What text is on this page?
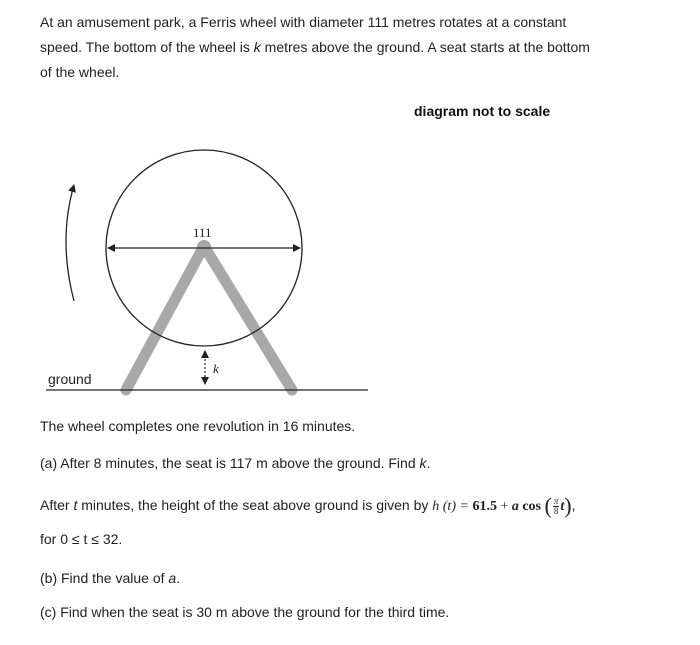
At an amusement park, a Ferris wheel with diameter 111 metres rotates at a constant
speed. The bottom of the wheel is k metres above the ground. A seat starts at the bottom
of the wheel.

diagram not to scale
111
ground
k

The wheel completes one revolution in 16 minutes.

(a) After 8 minutes, the seat is 117 m above the ground. Find k.

After t minutes, the height of the seat above ground is given by h (t) = 61.5 + a cos ( $\frac{\pi}{8} t$),

for 0 ≤ t ≤ 32.

(b) Find the value of a.

(c) Find when the seat is 30 m above the ground for the third time.
